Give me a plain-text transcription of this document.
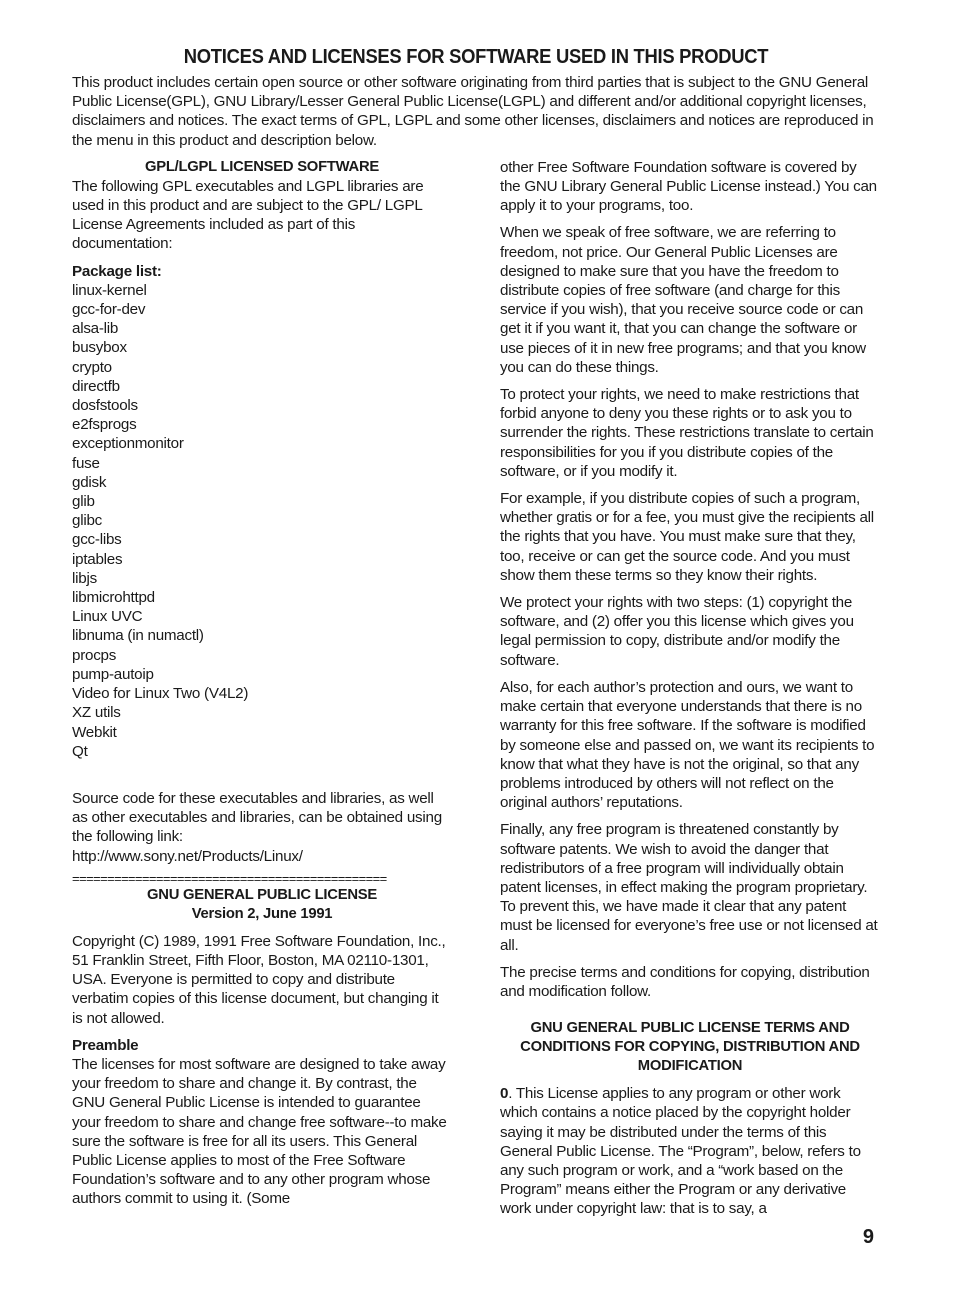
NOTICES AND LICENSES FOR SOFTWARE USED IN THIS PRODUCT

This product includes certain open source or other software originating from third parties that is subject to the GNU General Public License(GPL), GNU Library/Lesser General Public License(LGPL) and different and/or additional copyright licenses, disclaimers and notices. The exact terms of GPL, LGPL and some other licenses, disclaimers and notices are reproduced in the menu in this product and description below.

GPL/LGPL LICENSED SOFTWARE

The following GPL executables and LGPL libraries are used in this product and are subject to the GPL/ LGPL License Agreements included as part of this documentation:

Package list:
linux-kernel
gcc-for-dev
alsa-lib
busybox
crypto
directfb
dosfstools
e2fsprogs
exceptionmonitor
fuse
gdisk
glib
glibc
gcc-libs
iptables
libjs
libmicrohttpd
Linux UVC
libnuma (in numactl)
procps
pump-autoip
Video for Linux Two (V4L2)
XZ utils
Webkit
Qt
Source code for these executables and libraries, as well as other executables and libraries, can be obtained using the following link:
http://www.sony.net/Products/Linux/
=============================================
GNU GENERAL PUBLIC LICENSE
Version 2, June 1991

Copyright (C) 1989, 1991 Free Software Foundation, Inc., 51 Franklin Street, Fifth Floor, Boston, MA 02110-1301, USA. Everyone is permitted to copy and distribute verbatim copies of this license document, but changing it is not allowed.

Preamble

The licenses for most software are designed to take away your freedom to share and change it. By contrast, the GNU General Public License is intended to guarantee your freedom to share and change free software--to make sure the software is free for all its users. This General Public License applies to most of the Free Software Foundation’s software and to any other program whose authors commit to using it. (Some

other Free Software Foundation software is covered by the GNU Library General Public License instead.) You can apply it to your programs, too.

When we speak of free software, we are referring to freedom, not price. Our General Public Licenses are designed to make sure that you have the freedom to distribute copies of free software (and charge for this service if you wish), that you receive source code or can get it if you want it, that you can change the software or use pieces of it in new free programs; and that you know you can do these things.

To protect your rights, we need to make restrictions that forbid anyone to deny you these rights or to ask you to surrender the rights. These restrictions translate to certain responsibilities for you if you distribute copies of the software, or if you modify it.

For example, if you distribute copies of such a program, whether gratis or for a fee, you must give the recipients all the rights that you have. You must make sure that they, too, receive or can get the source code. And you must show them these terms so they know their rights.

We protect your rights with two steps: (1) copyright the software, and (2) offer you this license which gives you legal permission to copy, distribute and/or modify the software.

Also, for each author’s protection and ours, we want to make certain that everyone understands that there is no warranty for this free software. If the software is modified by someone else and passed on, we want its recipients to know that what they have is not the original, so that any problems introduced by others will not reflect on the original authors’ reputations.

Finally, any free program is threatened constantly by software patents. We wish to avoid the danger that redistributors of a free program will individually obtain patent licenses, in effect making the program proprietary. To prevent this, we have made it clear that any patent must be licensed for everyone’s free use or not licensed at all.

The precise terms and conditions for copying, distribution and modification follow.

GNU GENERAL PUBLIC LICENSE TERMS AND CONDITIONS FOR COPYING, DISTRIBUTION AND MODIFICATION

0. This License applies to any program or other work which contains a notice placed by the copyright holder saying it may be distributed under the terms of this General Public License. The “Program”, below, refers to any such program or work, and a “work based on the Program” means either the Program or any derivative work under copyright law: that is to say, a

9
